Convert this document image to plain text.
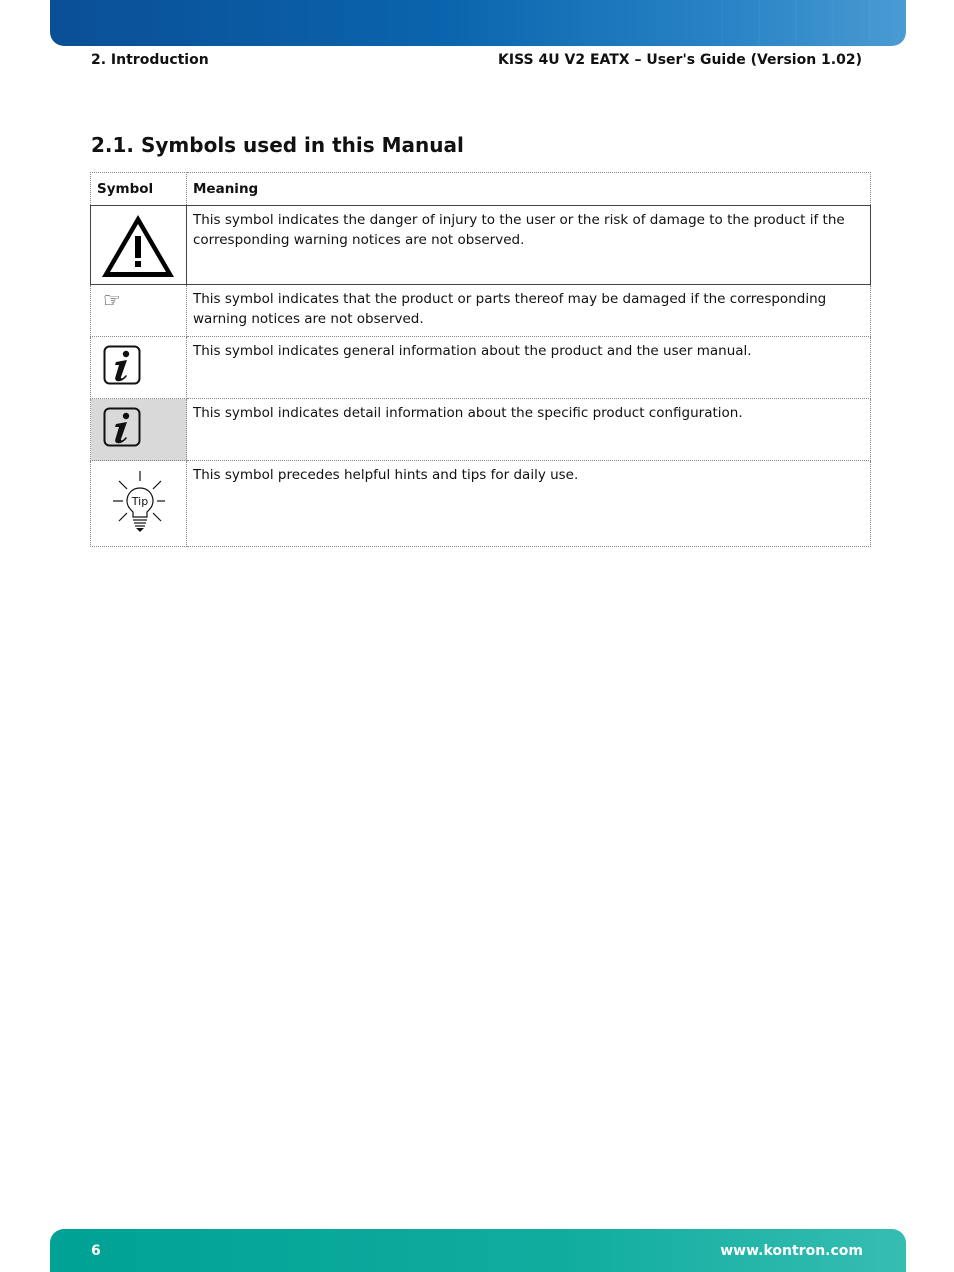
2. Introduction	KISS 4U V2 EATX – User's Guide (Version 1.02)
2.1. Symbols used in this Manual
Symbol	Meaning

	This symbol indicates the danger of injury to the user or the risk of damage to the product if the corresponding warning notices are not observed.

☞	This symbol indicates that the product or parts thereof may be damaged if the corresponding warning notices are not observed.

	This symbol indicates general information about the product and the user manual.

	This symbol indicates detail information about the specific product configuration.

Tip	This symbol precedes helpful hints and tips for daily use.
6	www.kontron.com
